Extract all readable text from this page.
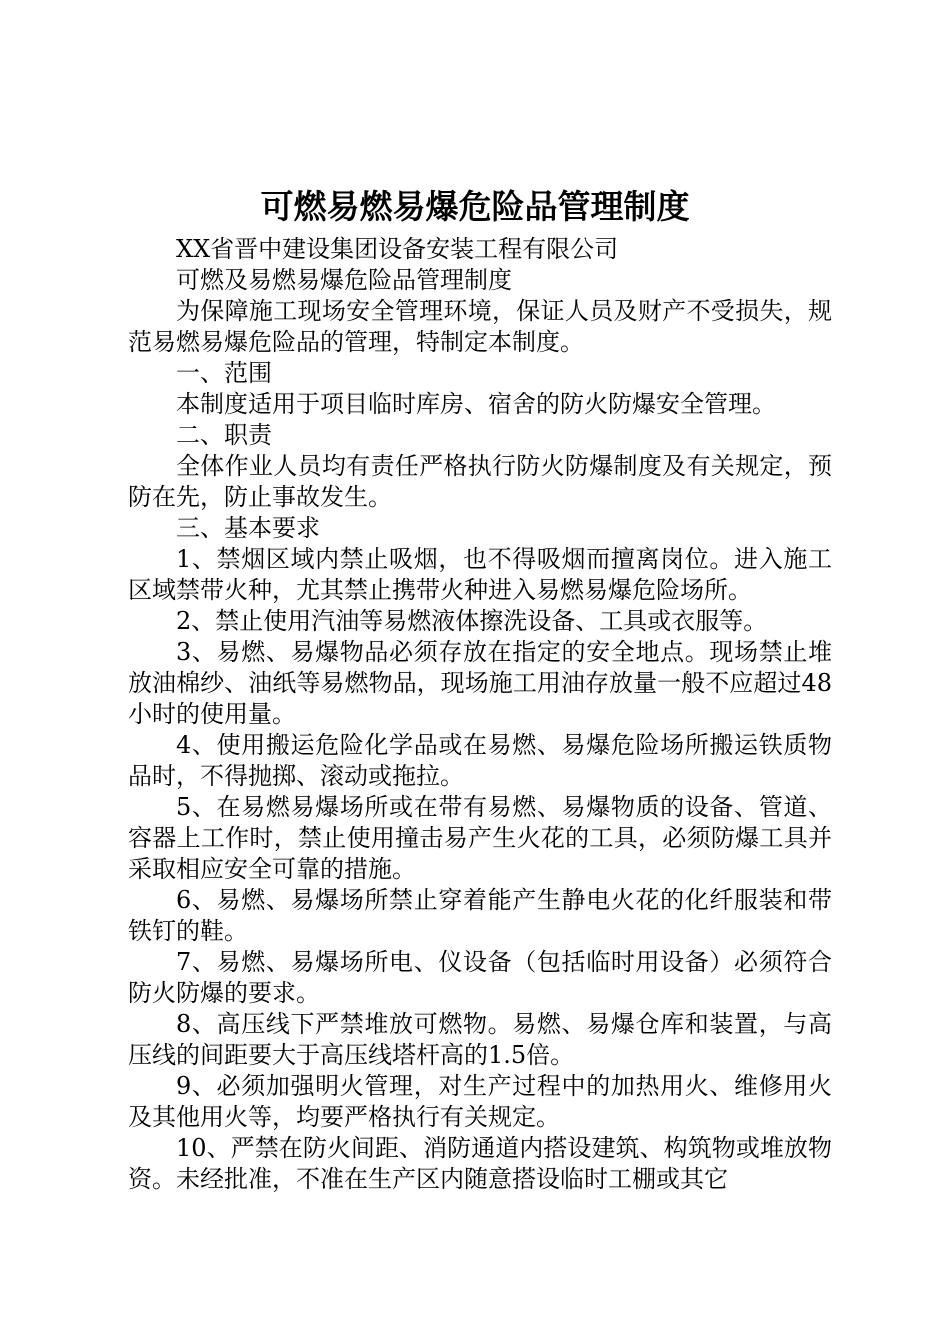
可燃易燃易爆危险品管理制度

XX省晋中建设集团设备安装工程有限公司

可燃及易燃易爆危险品管理制度

为保障施工现场安全管理环境，保证人员及财产不受损失，规范易燃易爆危险品的管理，特制定本制度。

一、范围

本制度适用于项目临时库房、宿舍的防火防爆安全管理。

二、职责

全体作业人员均有责任严格执行防火防爆制度及有关规定，预防在先，防止事故发生。

三、基本要求

1、禁烟区域内禁止吸烟，也不得吸烟而擅离岗位。进入施工区域禁带火种，尤其禁止携带火种进入易燃易爆危险场所。

2、禁止使用汽油等易燃液体擦洗设备、工具或衣服等。

3、易燃、易爆物品必须存放在指定的安全地点。现场禁止堆放油棉纱、油纸等易燃物品，现场施工用油存放量一般不应超过48小时的使用量。

4、使用搬运危险化学品或在易燃、易爆危险场所搬运铁质物品时，不得抛掷、滚动或拖拉。

5、在易燃易爆场所或在带有易燃、易爆物质的设备、管道、容器上工作时，禁止使用撞击易产生火花的工具，必须防爆工具并采取相应安全可靠的措施。

6、易燃、易爆场所禁止穿着能产生静电火花的化纤服装和带铁钉的鞋。

7、易燃、易爆场所电、仪设备（包括临时用设备）必须符合防火防爆的要求。

8、高压线下严禁堆放可燃物。易燃、易爆仓库和装置，与高压线的间距要大于高压线塔杆高的1.5倍。

9、必须加强明火管理，对生产过程中的加热用火、维修用火及其他用火等，均要严格执行有关规定。

10、严禁在防火间距、消防通道内搭设建筑、构筑物或堆放物资。未经批准，不准在生产区内随意搭设临时工棚或其它
